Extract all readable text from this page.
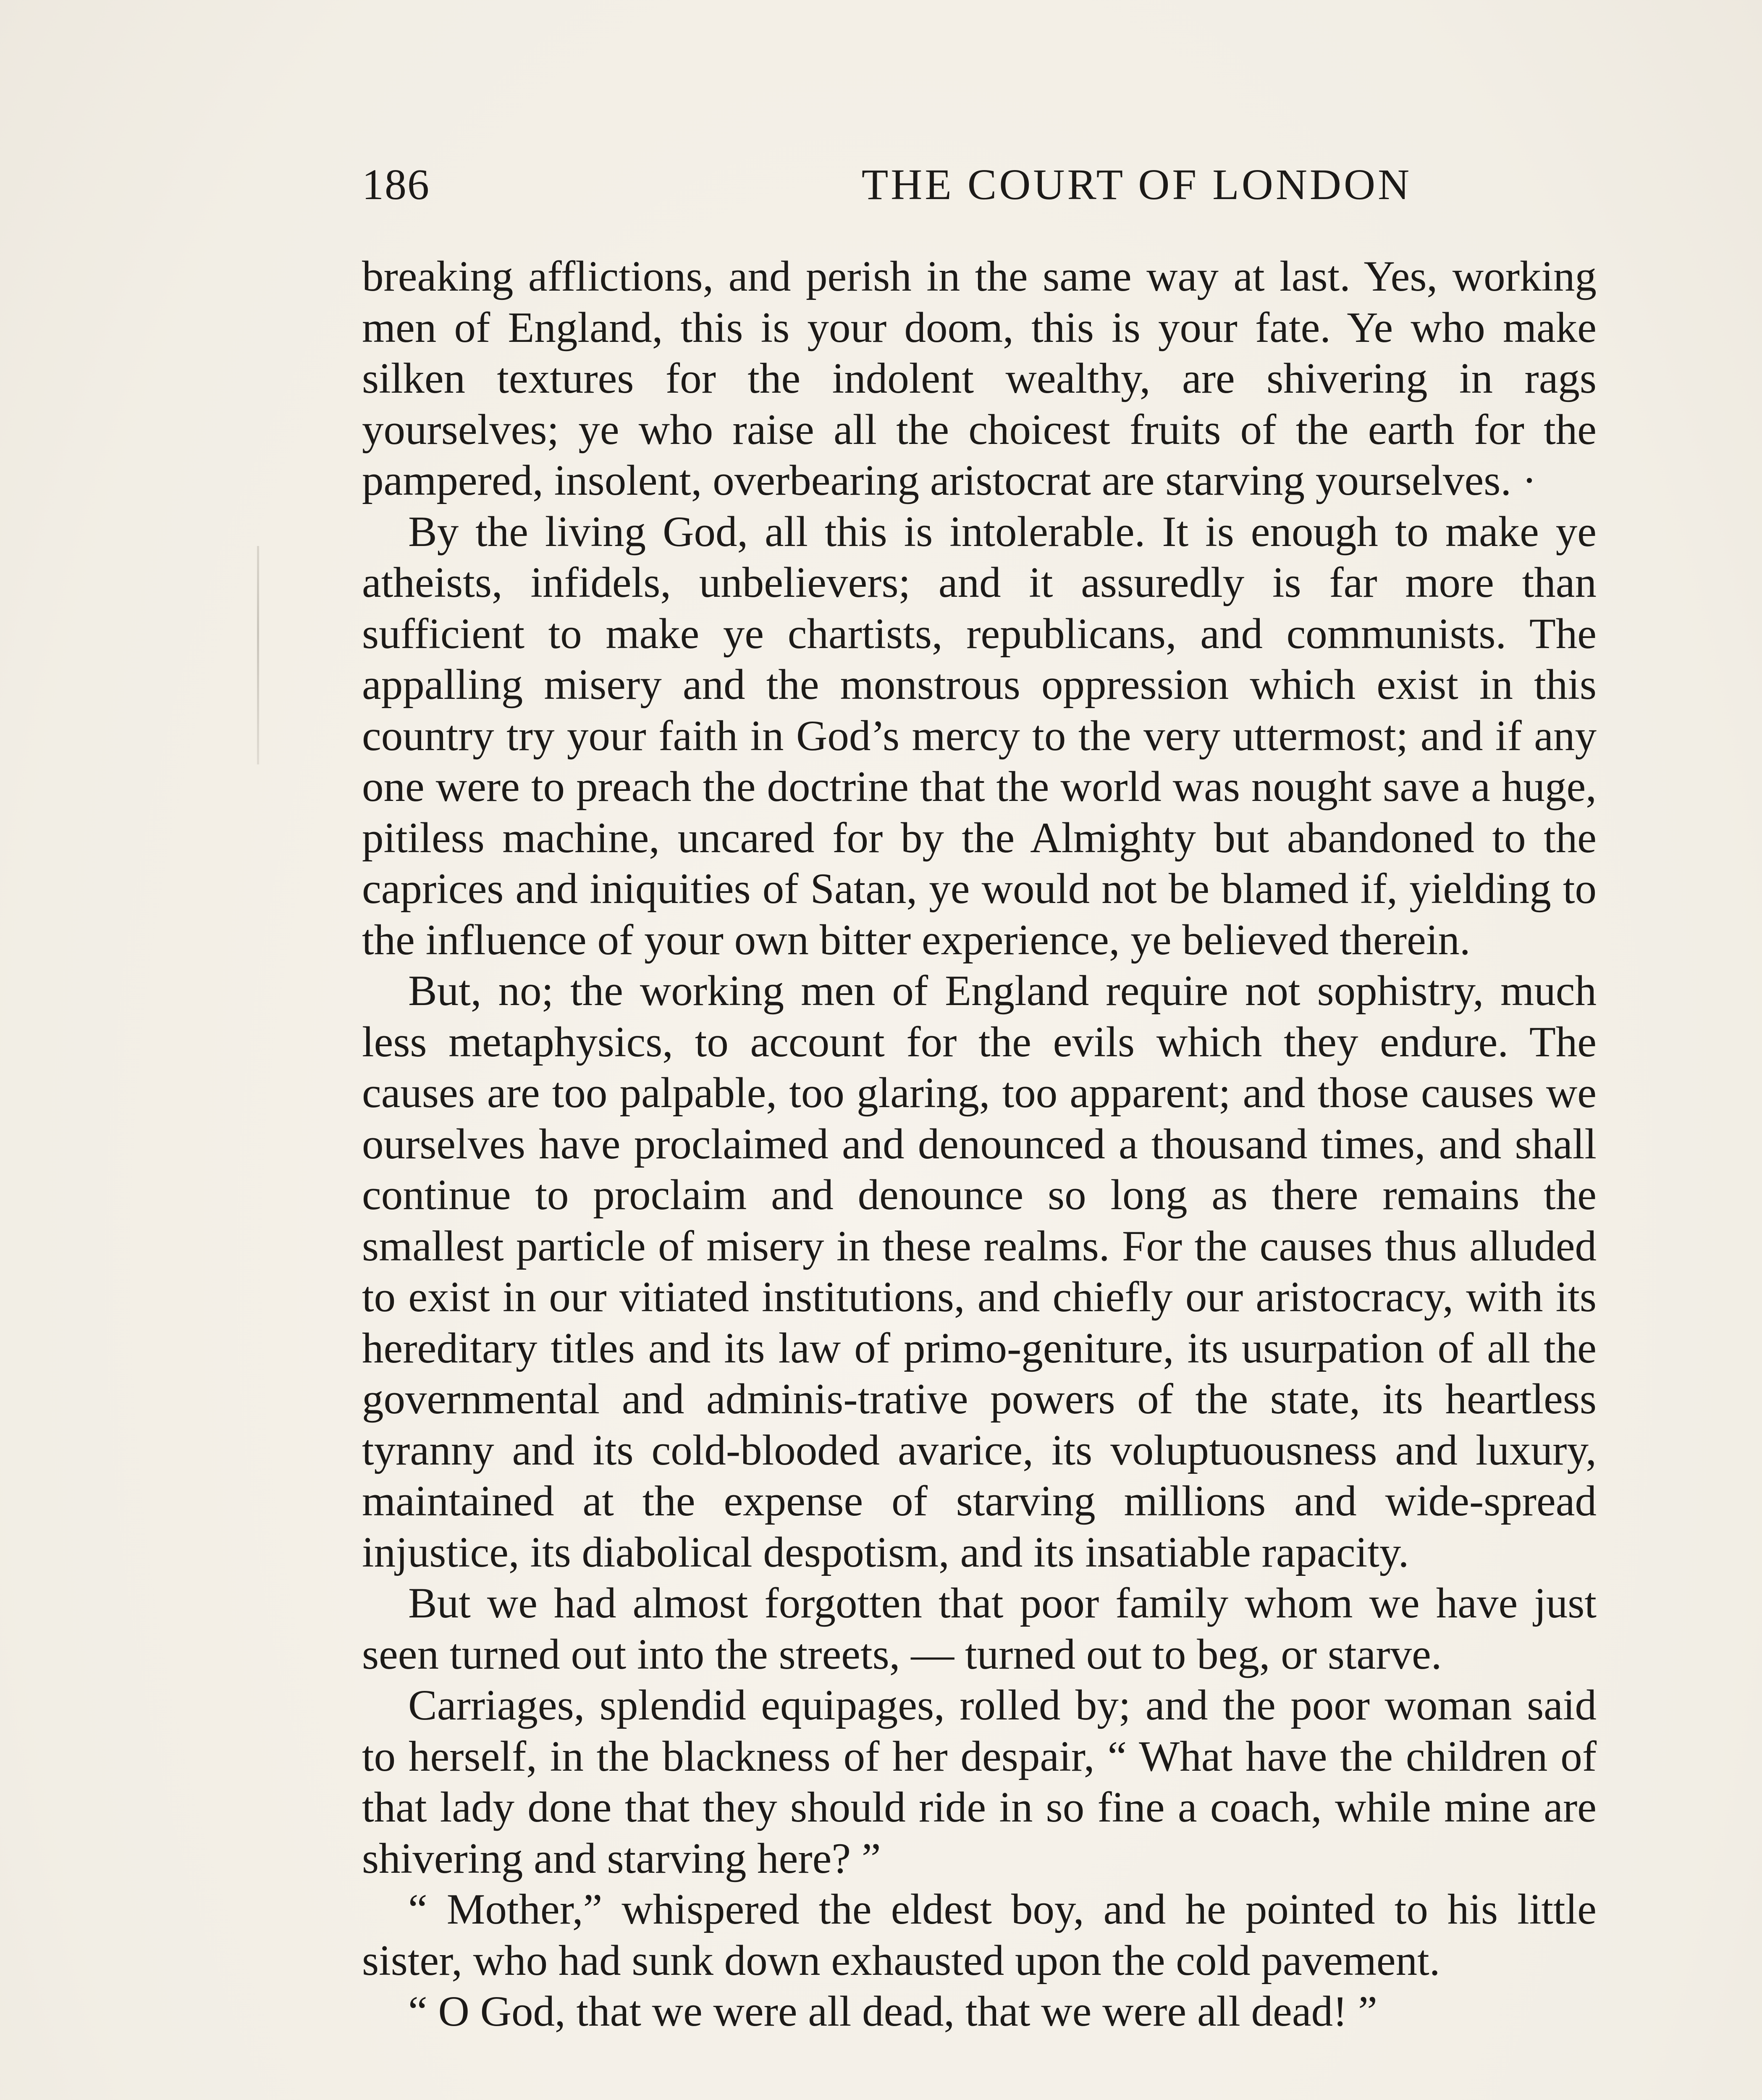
186	THE COURT OF LONDON

breaking afflictions, and perish in the same way at last. Yes, working men of England, this is your doom, this is your fate. Ye who make silken textures for the indolent wealthy, are shivering in rags yourselves; ye who raise all the choicest fruits of the earth for the pampered, insolent, overbearing aristocrat are starving yourselves. ·

By the living God, all this is intolerable. It is enough to make ye atheists, infidels, unbelievers; and it assuredly is far more than sufficient to make ye chartists, republicans, and communists. The appalling misery and the monstrous oppression which exist in this country try your faith in God’s mercy to the very uttermost; and if any one were to preach the doctrine that the world was nought save a huge, pitiless machine, uncared for by the Almighty but abandoned to the caprices and iniquities of Satan, ye would not be blamed if, yielding to the influence of your own bitter experience, ye believed therein.

But, no; the working men of England require not sophistry, much less metaphysics, to account for the evils which they endure. The causes are too palpable, too glaring, too apparent; and those causes we ourselves have proclaimed and denounced a thousand times, and shall continue to proclaim and denounce so long as there remains the smallest particle of misery in these realms. For the causes thus alluded to exist in our vitiated institutions, and chiefly our aristocracy, with its hereditary titles and its law of primo-geniture, its usurpation of all the governmental and adminis-trative powers of the state, its heartless tyranny and its cold-blooded avarice, its voluptuousness and luxury, maintained at the expense of starving millions and wide-spread injustice, its diabolical despotism, and its insatiable rapacity.

But we had almost forgotten that poor family whom we have just seen turned out into the streets, — turned out to beg, or starve.

Carriages, splendid equipages, rolled by; and the poor woman said to herself, in the blackness of her despair, “ What have the children of that lady done that they should ride in so fine a coach, while mine are shivering and starving here? ”

“ Mother,” whispered the eldest boy, and he pointed to his little sister, who had sunk down exhausted upon the cold pavement.

“ O God, that we were all dead, that we were all dead! ”
